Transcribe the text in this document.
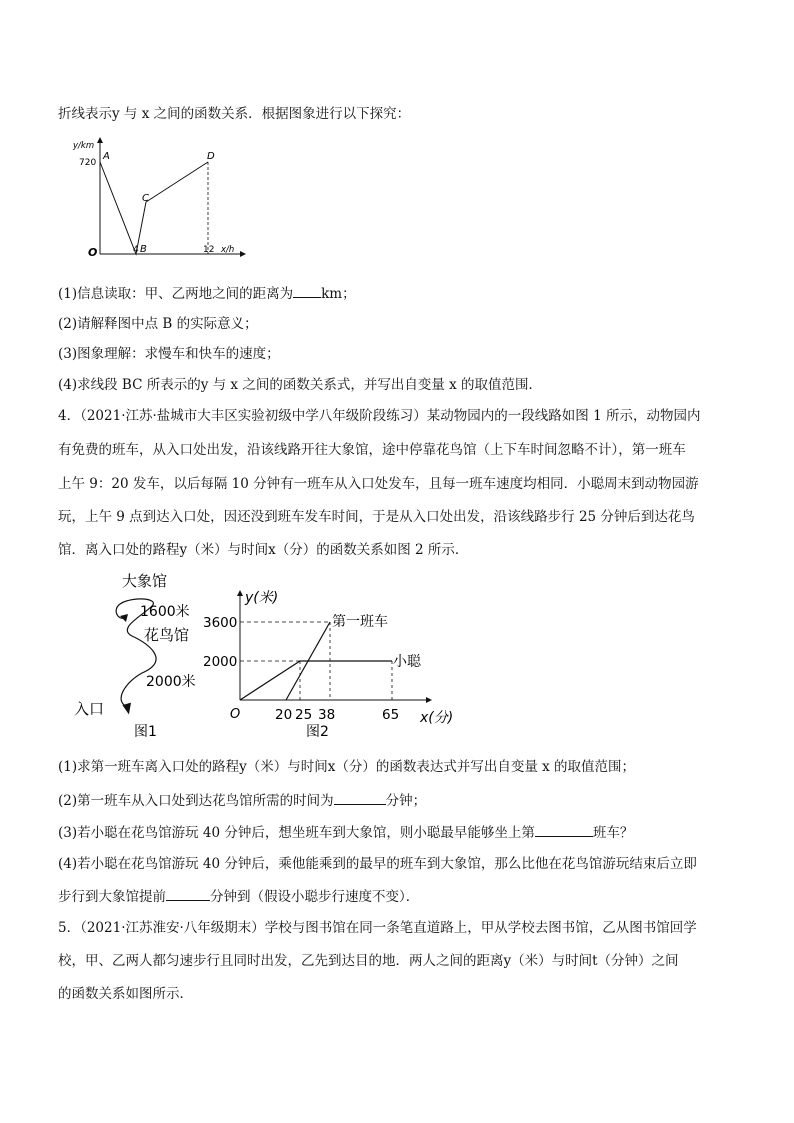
折线表示y 与 x 之间的函数关系．根据图象进行以下探究：
y/km
720
A
B
C
D
O	4	12 x/h
(1)信息读取：甲、乙两地之间的距离为 km；
(2)请解释图中点 B 的实际意义；
(3)图象理解：求慢车和快车的速度；
(4)求线段 BC 所表示的y 与 x 之间的函数关系式，并写出自变量 x 的取值范围．
4．（2021·江苏·盐城市大丰区实验初级中学八年级阶段练习）某动物园内的一段线路如图 1 所示，动物园内
有免费的班车，从入口处出发，沿该线路开往大象馆，途中停靠花鸟馆（上下车时间忽略不计），第一班车
上午 9：20 发车，以后每隔 10 分钟有一班车从入口处发车，且每一班车速度均相同．小聪周末到动物园游
玩，上午 9 点到达入口处，因还没到班车发车时间，于是从入口处出发，沿该线路步行 25 分钟后到达花鸟
馆．离入口处的路程y（米）与时间x（分）的函数关系如图 2 所示．
大象馆
1600米
花鸟馆
2000米
入口
图1
y(米)
3600
2000
第一班车
小聪
O	20 25 38	65 x(分)
图2
(1)求第一班车离入口处的路程y（米）与时间x（分）的函数表达式并写出自变量 x 的取值范围；
(2)第一班车从入口处到达花鸟馆所需的时间为	分钟；
(3)若小聪在花鸟馆游玩 40 分钟后，想坐班车到大象馆，则小聪最早能够坐上第	班车？
(4)若小聪在花鸟馆游玩 40 分钟后，乘他能乘到的最早的班车到大象馆，那么比他在花鸟馆游玩结束后立即
步行到大象馆提前	分钟到（假设小聪步行速度不变）．
5．（2021·江苏淮安·八年级期末）学校与图书馆在同一条笔直道路上，甲从学校去图书馆，乙从图书馆回学
校，甲、乙两人都匀速步行且同时出发，乙先到达目的地．两人之间的距离y（米）与时间t（分钟）之间
的函数关系如图所示．
